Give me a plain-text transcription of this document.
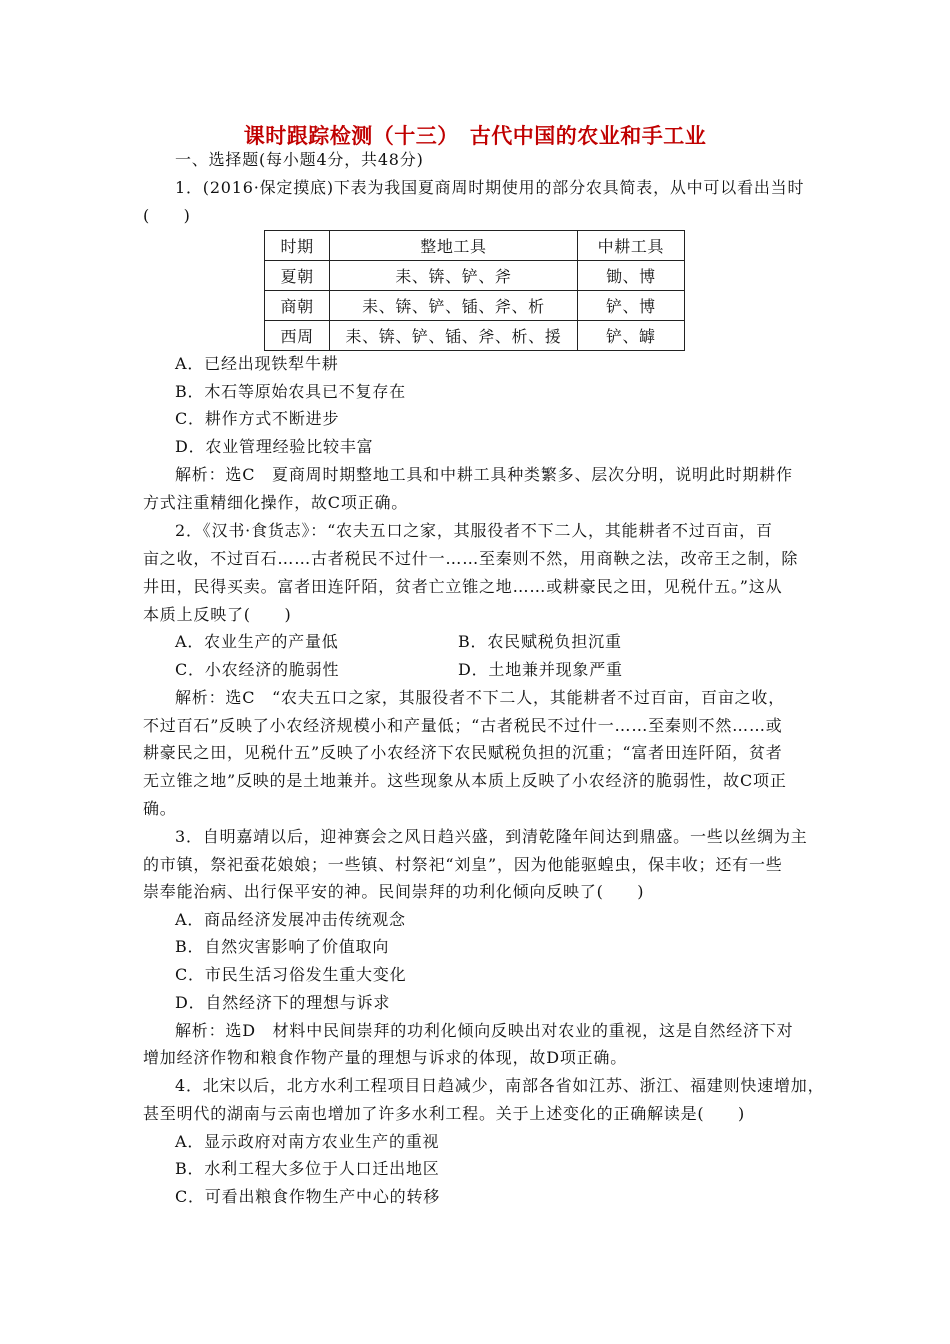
课时跟踪检测（十三）　古代中国的农业和手工业
一、选择题(每小题4分，共48分)
1．(2016·保定摸底)下表为我国夏商周时期使用的部分农具简表，从中可以看出当时
(　　)
时期	整地工具	中耕工具
夏朝	耒、锛、铲、斧	锄、博
商朝	耒、锛、铲、锸、斧、析	铲、博
西周	耒、锛、铲、锸、斧、析、援	铲、罅
A．已经出现铁犁牛耕
B．木石等原始农具已不复存在
C．耕作方式不断进步
D．农业管理经验比较丰富
解析：选C　夏商周时期整地工具和中耕工具种类繁多、层次分明，说明此时期耕作
方式注重精细化操作，故C项正确。
2．《汉书·食货志》：“农夫五口之家，其服役者不下二人，其能耕者不过百亩，百
亩之收，不过百石……古者税民不过什一……至秦则不然，用商鞅之法，改帝王之制，除
井田，民得买卖。富者田连阡陌，贫者亡立锥之地……或耕豪民之田，见税什五。”这从
本质上反映了(　　)
A．农业生产的产量低	B．农民赋税负担沉重
C．小农经济的脆弱性	D．土地兼并现象严重
解析：选C　“农夫五口之家，其服役者不下二人，其能耕者不过百亩，百亩之收，
不过百石”反映了小农经济规模小和产量低；“古者税民不过什一……至秦则不然……或
耕豪民之田，见税什五”反映了小农经济下农民赋税负担的沉重；“富者田连阡陌，贫者
无立锥之地”反映的是土地兼并。这些现象从本质上反映了小农经济的脆弱性，故C项正
确。
3．自明嘉靖以后，迎神赛会之风日趋兴盛，到清乾隆年间达到鼎盛。一些以丝绸为主
的市镇，祭祀蚕花娘娘；一些镇、村祭祀“刘皇”，因为他能驱蝗虫，保丰收；还有一些
崇奉能治病、出行保平安的神。民间崇拜的功利化倾向反映了(　　)
A．商品经济发展冲击传统观念
B．自然灾害影响了价值取向
C．市民生活习俗发生重大变化
D．自然经济下的理想与诉求
解析：选D　材料中民间崇拜的功利化倾向反映出对农业的重视，这是自然经济下对
增加经济作物和粮食作物产量的理想与诉求的体现，故D项正确。
4．北宋以后，北方水利工程项目日趋减少，南部各省如江苏、浙江、福建则快速增加，
甚至明代的湖南与云南也增加了许多水利工程。关于上述变化的正确解读是(　　)
A．显示政府对南方农业生产的重视
B．水利工程大多位于人口迁出地区
C．可看出粮食作物生产中心的转移
